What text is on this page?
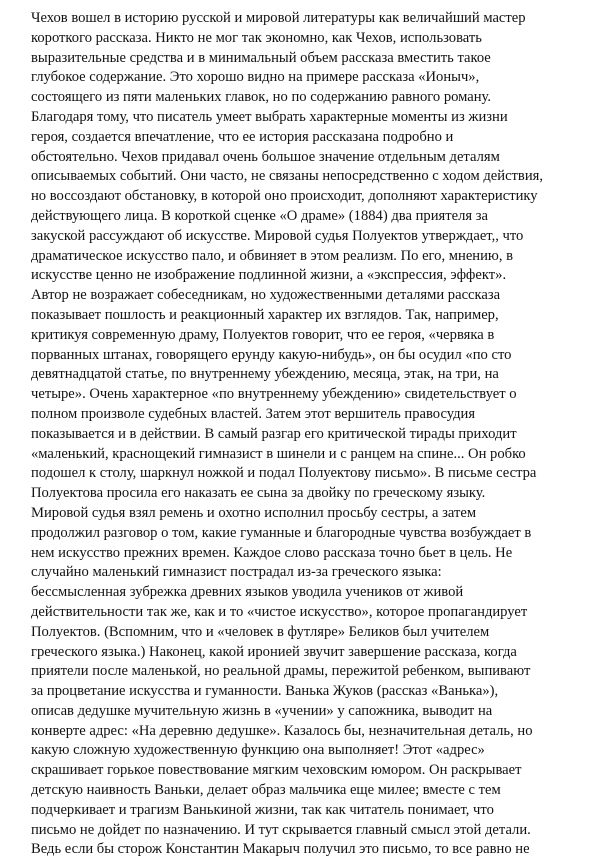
Чехов вошел в историю русской и мировой литературы как величайший мастер
короткого рассказа. Никто не мог так экономно, как Чехов, использовать
выразительные средства и в минимальный объем рассказа вместить такое
глубокое содержание. Это хорошо видно на примере рассказа «Ионыч»,
состоящего из пяти маленьких главок, но по содержанию равного роману.
Благодаря тому, что писатель умеет выбрать характерные моменты из жизни
героя, создается впечатление, что ее история рассказана подробно и
обстоятельно. Чехов придавал очень большое значение отдельным деталям
описываемых событий. Они часто, не связаны непосредственно с ходом действия,
но воссоздают обстановку, в которой оно происходит, дополняют характеристику
действующего лица. В короткой сценке «О драме» (1884) два приятеля за
закуской рассуждают об искусстве. Мировой судья Полуектов утверждает,, что
драматическое искусство пало, и обвиняет в этом реализм. По его, мнению, в
искусстве ценно не изображение подлинной жизни, а «экспрессия, эффект».
Автор не возражает собеседникам, но художественными деталями рассказа
показывает пошлость и реакционный характер их взглядов. Так, например,
критикуя современную драму, Полуектов говорит, что ее героя, «червяка в
порванных штанах, говорящего ерунду какую-нибудь», он бы осудил «по сто
девятнадцатой статье, по внутреннему убеждению, месяца, этак, на три, на
четыре». Очень характерное «по внутреннему убеждению» свидетельствует о
полном произволе судебных властей. Затем этот вершитель правосудия
показывается и в действии. В самый разгар его критической тирады приходит
«маленький, краснощекий гимназист в шинели и с ранцем на спине... Он робко
подошел к столу, шаркнул ножкой и подал Полуектову письмо». В письме сестра
Полуектова просила его наказать ее сына за двойку по греческому языку.
Мировой судья взял ремень и охотно исполнил просьбу сестры, а затем
продолжил разговор о том, какие гуманные и благородные чувства возбуждает в
нем искусство прежних времен. Каждое слово рассказа точно бьет в цель. Не
случайно маленький гимназист пострадал из-за греческого языка:
бессмысленная зубрежка древних языков уводила учеников от живой
действительности так же, как и то «чистое искусство», которое пропагандирует
Полуектов. (Вспомним, что и «человек в футляре» Беликов был учителем
греческого языка.) Наконец, какой иронией звучит завершение рассказа, когда
приятели после маленькой, но реальной драмы, пережитой ребенком, выпивают
за процветание искусства и гуманности. Ванька Жуков (рассказ «Ванька»),
описав дедушке мучительную жизнь в «учении» у сапожника, выводит на
конверте адрес: «На деревню дедушке». Казалось бы, незначительная деталь, но
какую сложную художественную функцию она выполняет! Этот «адрес»
скрашивает горькое повествование мягким чеховским юмором. Он раскрывает
детскую наивность Ваньки, делает образ мальчика еще милее; вместе с тем
подчеркивает и трагизм Ванькиной жизни, так как читатель понимает, что
письмо не дойдет по назначению. И тут скрывается главный смысл этой детали.
Ведь если бы сторож Константин Макарыч получил это письмо, то все равно не
